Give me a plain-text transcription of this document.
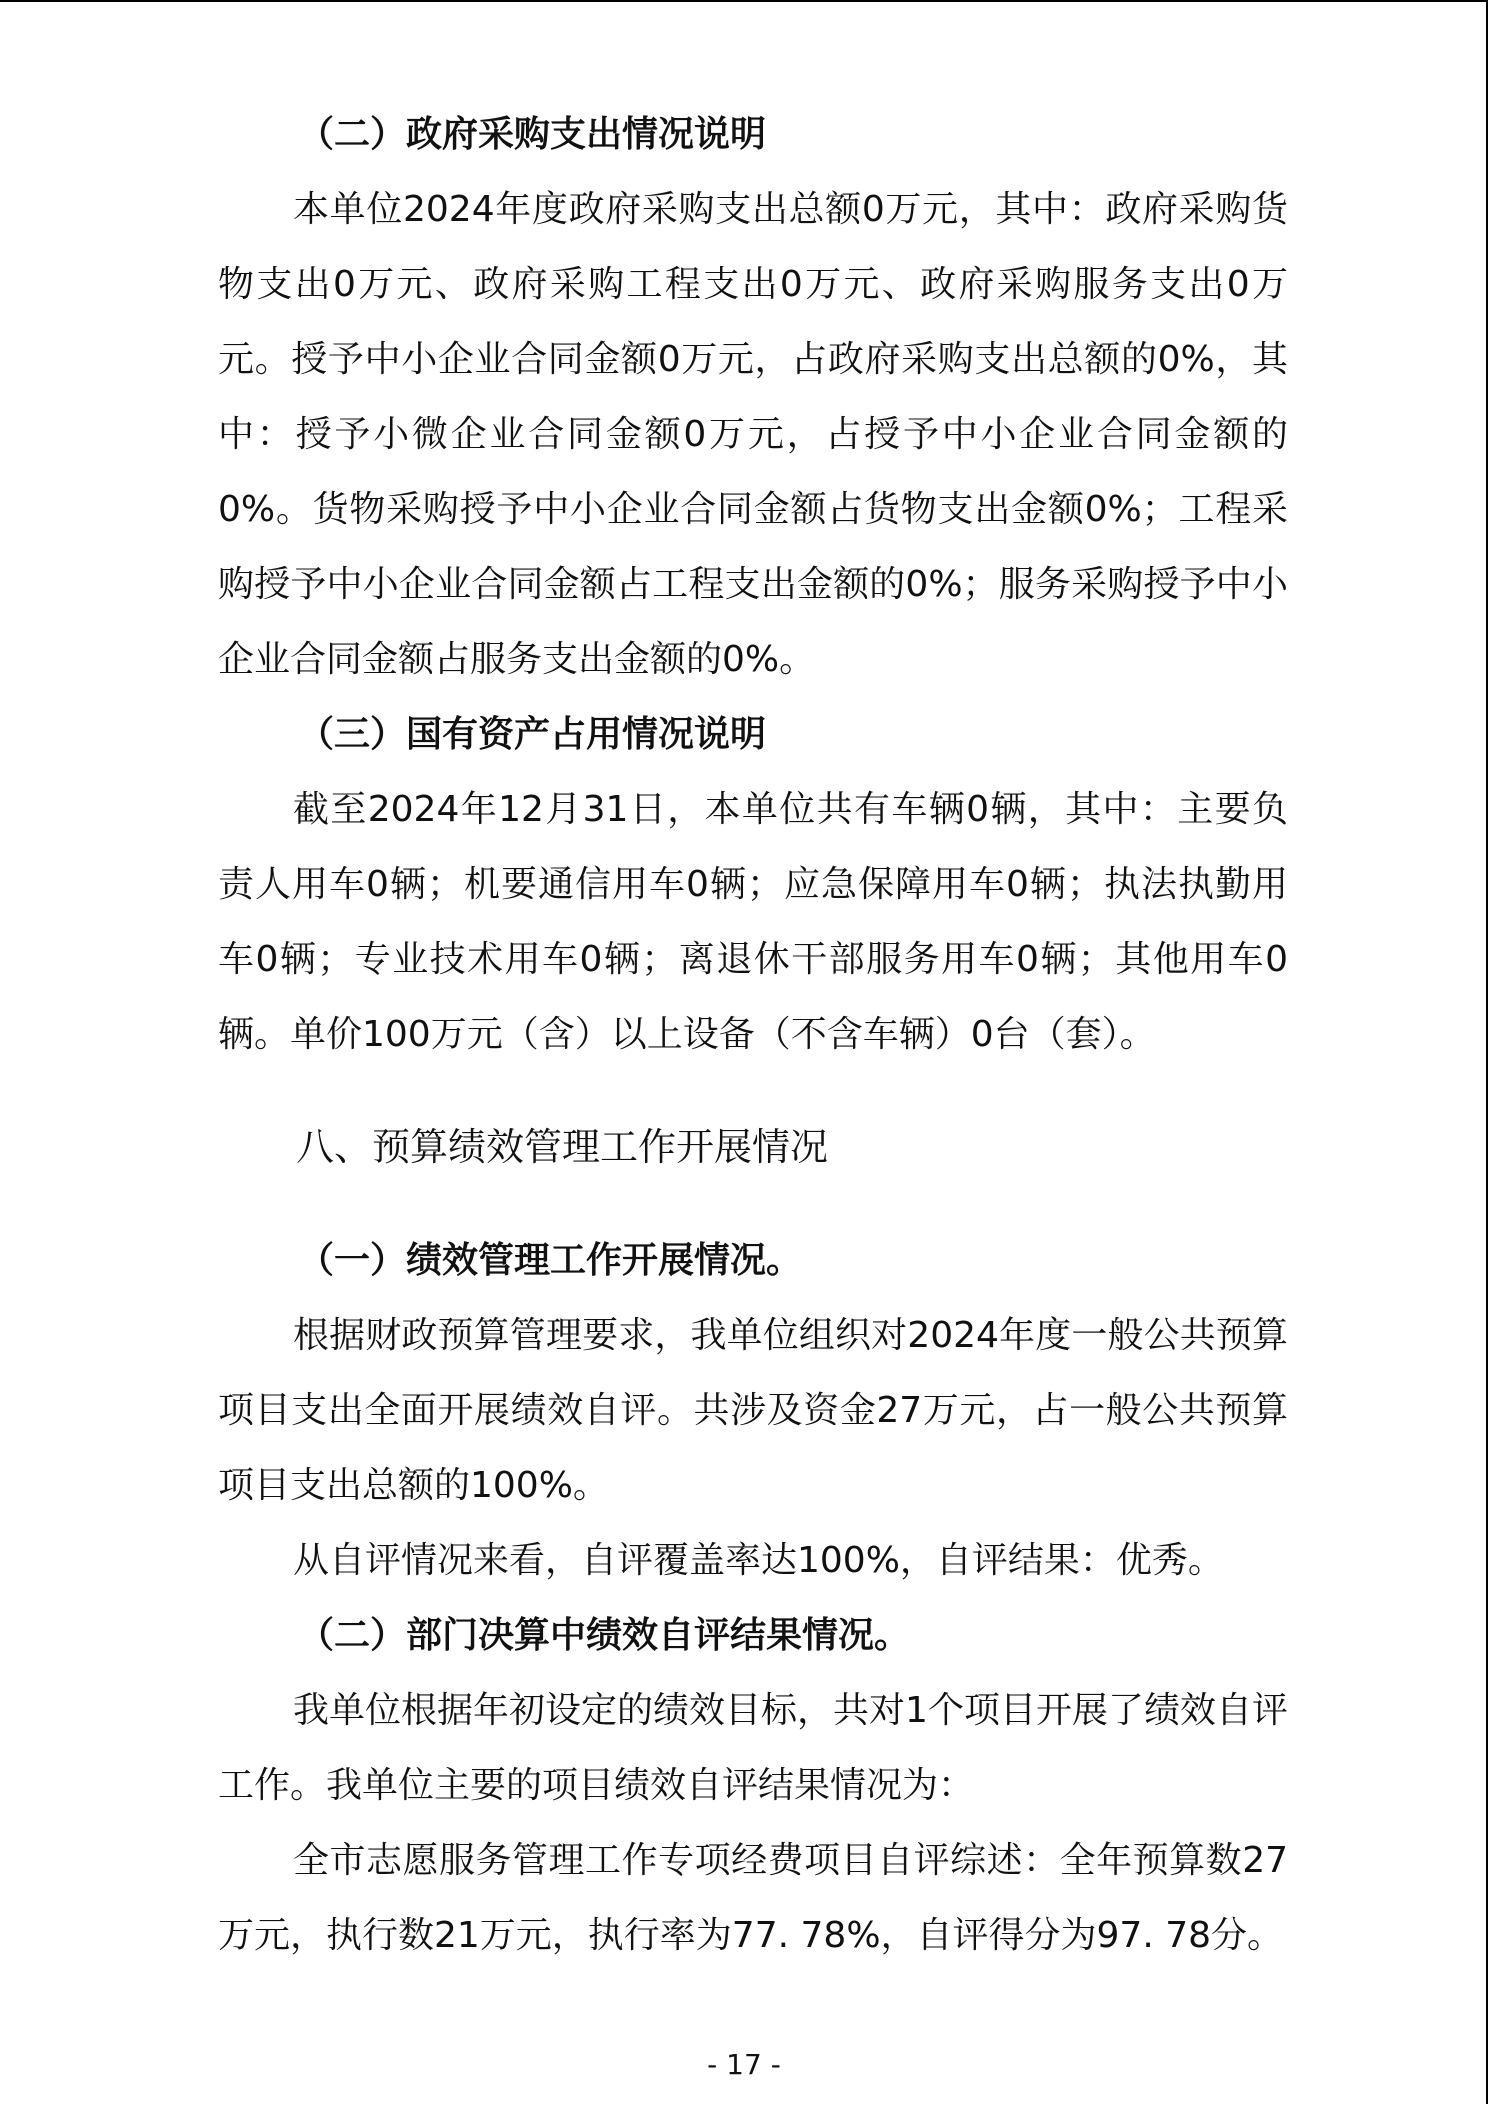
（二）政府采购支出情况说明

本单位2024年度政府采购支出总额0万元，其中：政府采购货物支出0万元、政府采购工程支出0万元、政府采购服务支出0万元。授予中小企业合同金额0万元，占政府采购支出总额的0%，其中：授予小微企业合同金额0万元，占授予中小企业合同金额的0%。货物采购授予中小企业合同金额占货物支出金额0%；工程采购授予中小企业合同金额占工程支出金额的0%；服务采购授予中小企业合同金额占服务支出金额的0%。

（三）国有资产占用情况说明

截至2024年12月31日，本单位共有车辆0辆，其中：主要负责人用车0辆；机要通信用车0辆；应急保障用车0辆；执法执勤用车0辆；专业技术用车0辆；离退休干部服务用车0辆；其他用车0辆。单价100万元（含）以上设备（不含车辆）0台（套）。

八、预算绩效管理工作开展情况
（一）绩效管理工作开展情况。

根据财政预算管理要求，我单位组织对2024年度一般公共预算项目支出全面开展绩效自评。共涉及资金27万元，占一般公共预算项目支出总额的100%。

从自评情况来看，自评覆盖率达100%，自评结果：优秀。

（二）部门决算中绩效自评结果情况。

我单位根据年初设定的绩效目标，共对1个项目开展了绩效自评工作。我单位主要的项目绩效自评结果情况为：

全市志愿服务管理工作专项经费项目自评综述：全年预算数27万元，执行数21万元，执行率为77. 78%，自评得分为97. 78分。

- 17 -
